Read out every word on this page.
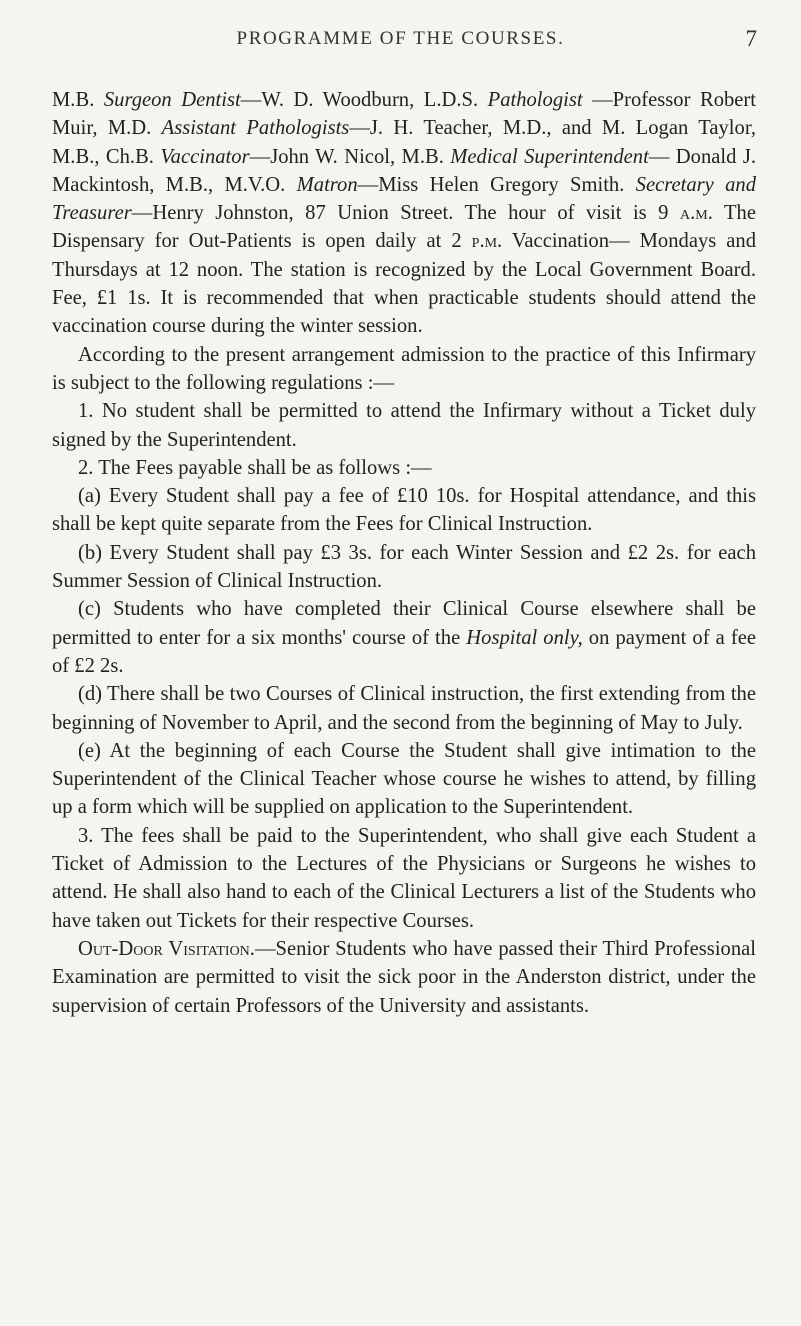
PROGRAMME OF THE COURSES.	7

M.B. Surgeon Dentist—W. D. Woodburn, L.D.S. Pathologist —Professor Robert Muir, M.D. Assistant Pathologists—J. H. Teacher, M.D., and M. Logan Taylor, M.B., Ch.B. Vaccinator—John W. Nicol, M.B. Medical Superintendent— Donald J. Mackintosh, M.B., M.V.O. Matron—Miss Helen Gregory Smith. Secretary and Treasurer—Henry Johnston, 87 Union Street. The hour of visit is 9 a.m. The Dispensary for Out-Patients is open daily at 2 p.m. Vaccination— Mondays and Thursdays at 12 noon. The station is recognized by the Local Government Board. Fee, £1 1s. It is recommended that when practicable students should attend the vaccination course during the winter session.

According to the present arrangement admission to the practice of this Infirmary is subject to the following regulations :—

1. No student shall be permitted to attend the Infirmary without a Ticket duly signed by the Superintendent.

2. The Fees payable shall be as follows :—

(a) Every Student shall pay a fee of £10 10s. for Hospital attendance, and this shall be kept quite separate from the Fees for Clinical Instruction.

(b) Every Student shall pay £3 3s. for each Winter Session and £2 2s. for each Summer Session of Clinical Instruction.

(c) Students who have completed their Clinical Course elsewhere shall be permitted to enter for a six months' course of the Hospital only, on payment of a fee of £2 2s.

(d) There shall be two Courses of Clinical instruction, the first extending from the beginning of November to April, and the second from the beginning of May to July.

(e) At the beginning of each Course the Student shall give intimation to the Superintendent of the Clinical Teacher whose course he wishes to attend, by filling up a form which will be supplied on application to the Superintendent.

3. The fees shall be paid to the Superintendent, who shall give each Student a Ticket of Admission to the Lectures of the Physicians or Surgeons he wishes to attend. He shall also hand to each of the Clinical Lecturers a list of the Students who have taken out Tickets for their respective Courses.

Out-Door Visitation.—Senior Students who have passed their Third Professional Examination are permitted to visit the sick poor in the Anderston district, under the supervision of certain Professors of the University and assistants.
